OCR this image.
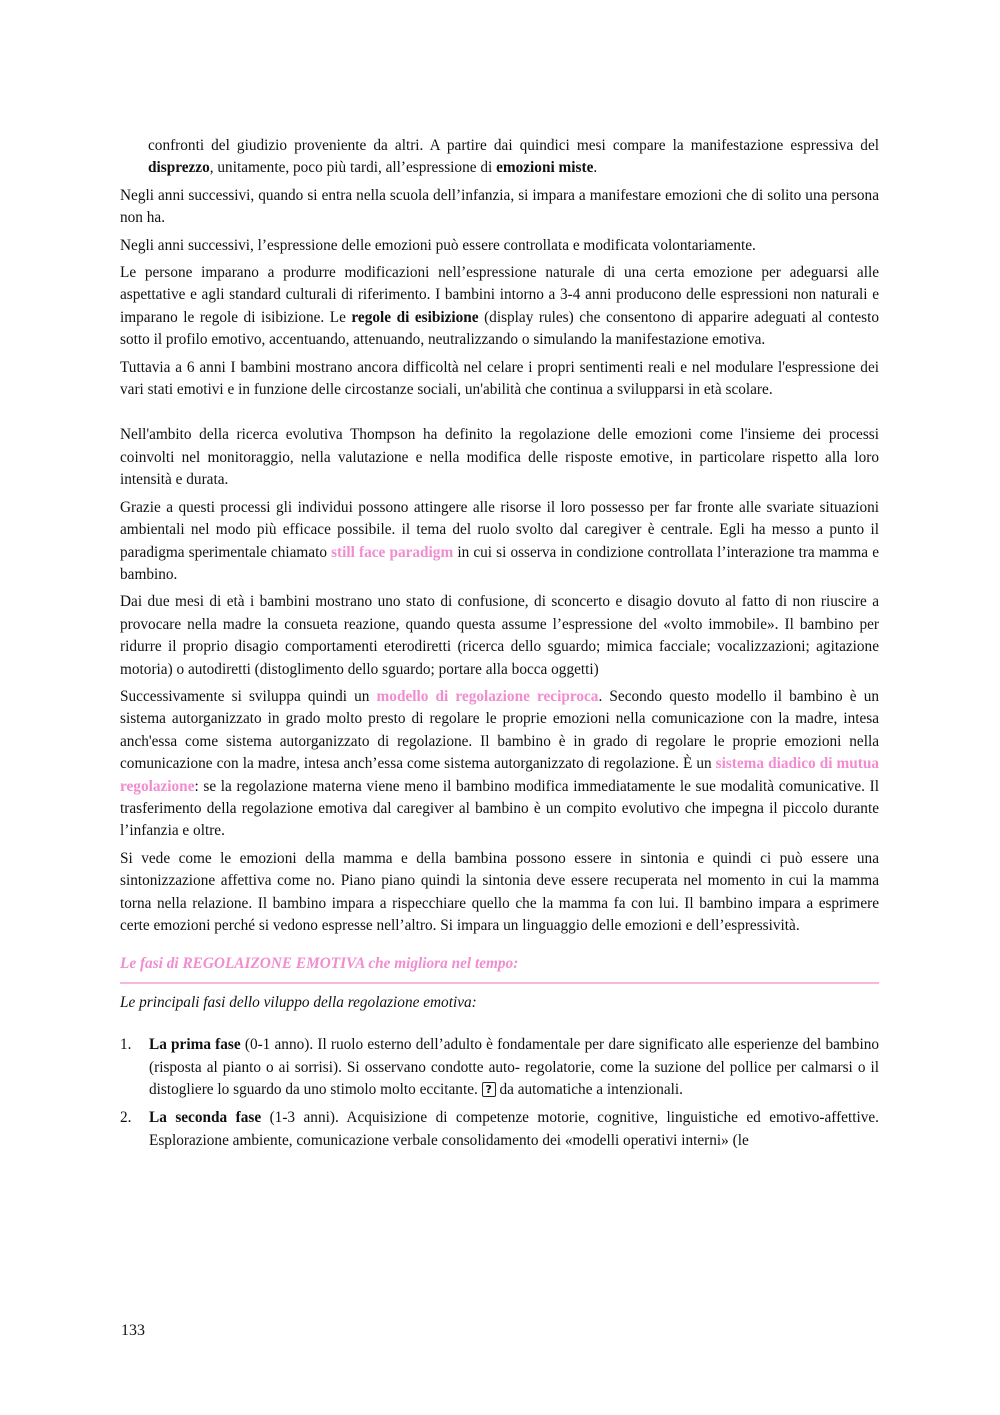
confronti del giudizio proveniente da altri. A partire dai quindici mesi compare la manifestazione espressiva del disprezzo, unitamente, poco più tardi, all’espressione di emozioni miste.

Negli anni successivi, quando si entra nella scuola dell’infanzia, si impara a manifestare emozioni che di solito una persona non ha.

Negli anni successivi, l’espressione delle emozioni può essere controllata e modificata volontariamente.

Le persone imparano a produrre modificazioni nell’espressione naturale di una certa emozione per adeguarsi alle aspettative e agli standard culturali di riferimento. I bambini intorno a 3-4 anni producono delle espressioni non naturali e imparano le regole di isibizione. Le regole di esibizione (display rules) che consentono di apparire adeguati al contesto sotto il profilo emotivo, accentuando, attenuando, neutralizzando o simulando la manifestazione emotiva.

Tuttavia a 6 anni I bambini mostrano ancora difficoltà nel celare i propri sentimenti reali e nel modulare l'espressione dei vari stati emotivi e in funzione delle circostanze sociali, un'abilità che continua a svilupparsi in età scolare.

Nell'ambito della ricerca evolutiva Thompson ha definito la regolazione delle emozioni come l'insieme dei processi coinvolti nel monitoraggio, nella valutazione e nella modifica delle risposte emotive, in particolare rispetto alla loro intensità e durata.

Grazie a questi processi gli individui possono attingere alle risorse il loro possesso per far fronte alle svariate situazioni ambientali nel modo più efficace possibile. il tema del ruolo svolto dal caregiver è centrale. Egli ha messo a punto il paradigma sperimentale chiamato still face paradigm in cui si osserva in condizione controllata l’interazione tra mamma e bambino.

Dai due mesi di età i bambini mostrano uno stato di confusione, di sconcerto e disagio dovuto al fatto di non riuscire a provocare nella madre la consueta reazione, quando questa assume l’espressione del «volto immobile». Il bambino per ridurre il proprio disagio comportamenti eterodiretti (ricerca dello sguardo; mimica facciale; vocalizzazioni; agitazione motoria) o autodiretti (distoglimento dello sguardo; portare alla bocca oggetti)

Successivamente si sviluppa quindi un modello di regolazione reciproca. Secondo questo modello il bambino è un sistema autorganizzato in grado molto presto di regolare le proprie emozioni nella comunicazione con la madre, intesa anch'essa come sistema autorganizzato di regolazione. Il bambino è in grado di regolare le proprie emozioni nella comunicazione con la madre, intesa anch’essa come sistema autorganizzato di regolazione. È un sistema diadico di mutua regolazione: se la regolazione materna viene meno il bambino modifica immediatamente le sue modalità comunicative. Il trasferimento della regolazione emotiva dal caregiver al bambino è un compito evolutivo che impegna il piccolo durante l’infanzia e oltre.

Si vede come le emozioni della mamma e della bambina possono essere in sintonia e quindi ci può essere una sintonizzazione affettiva come no. Piano piano quindi la sintonia deve essere recuperata nel momento in cui la mamma torna nella relazione. Il bambino impara a rispecchiare quello che la mamma fa con lui. Il bambino impara a esprimere certe emozioni perché si vedono espresse nell’altro. Si impara un linguaggio delle emozioni e dell’espressività.

Le fasi di REGOLAIZONE EMOTIVA che migliora nel tempo:
Le principali fasi dello viluppo della regolazione emotiva:
1. La prima fase (0-1 anno). Il ruolo esterno dell’adulto è fondamentale per dare significato alle esperienze del bambino (risposta al pianto o ai sorrisi). Si osservano condotte auto- regolatorie, come la suzione del pollice per calmarsi o il distogliere lo sguardo da uno stimolo molto eccitante. ? da automatiche a intenzionali.
2. La seconda fase (1-3 anni). Acquisizione di competenze motorie, cognitive, linguistiche ed emotivo-affettive. Esplorazione ambiente, comunicazione verbale consolidamento dei «modelli operativi interni» (le
133
